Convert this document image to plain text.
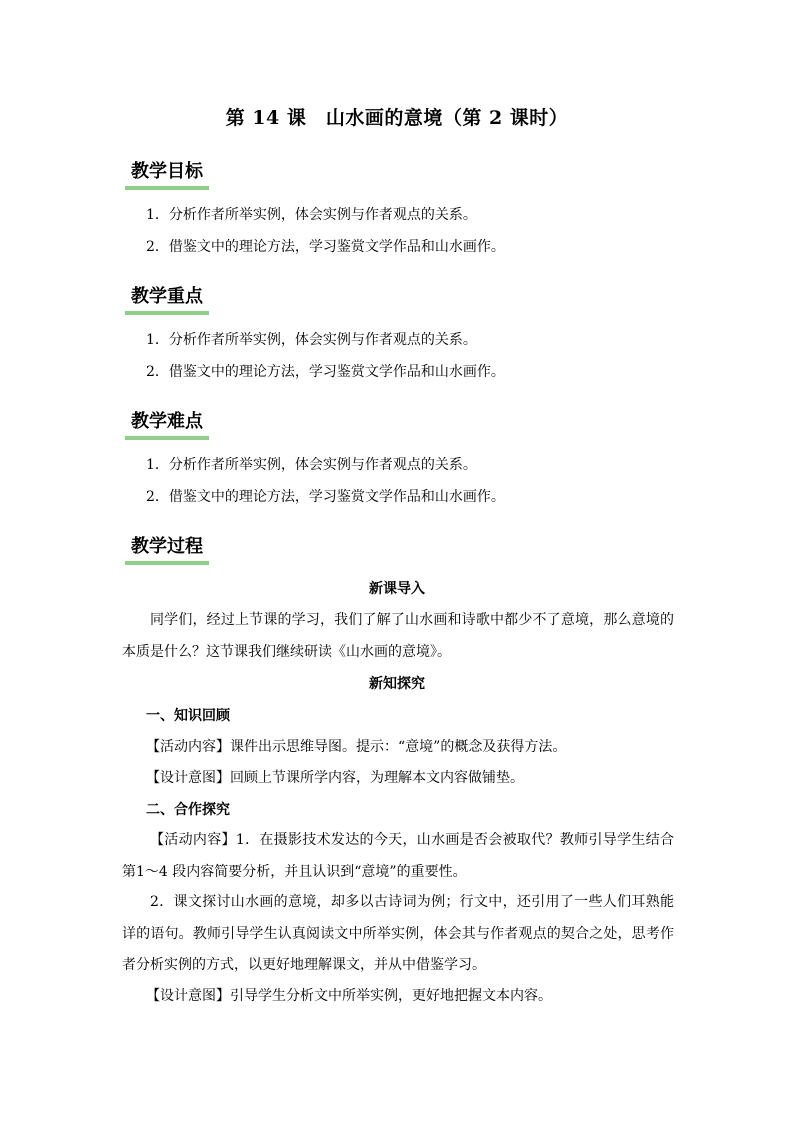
第 14 课　山水画的意境（第 2 课时）
教学目标
1．分析作者所举实例，体会实例与作者观点的关系。
2．借鉴文中的理论方法，学习鉴赏文学作品和山水画作。
教学重点
1．分析作者所举实例，体会实例与作者观点的关系。
2．借鉴文中的理论方法，学习鉴赏文学作品和山水画作。
教学难点
1．分析作者所举实例，体会实例与作者观点的关系。
2．借鉴文中的理论方法，学习鉴赏文学作品和山水画作。
教学过程
新课导入
同学们，经过上节课的学习，我们了解了山水画和诗歌中都少不了意境，那么意境的本质是什么？这节课我们继续研读《山水画的意境》。
新知探究
一、知识回顾
【活动内容】课件出示思维导图。提示：“意境”的概念及获得方法。
【设计意图】回顾上节课所学内容，为理解本文内容做铺垫。
二、合作探究
【活动内容】1．在摄影技术发达的今天，山水画是否会被取代？教师引导学生结合第1～4 段内容简要分析，并且认识到“意境”的重要性。
2．课文探讨山水画的意境，却多以古诗词为例；行文中，还引用了一些人们耳熟能详的语句。教师引导学生认真阅读文中所举实例，体会其与作者观点的契合之处，思考作者分析实例的方式，以更好地理解课文，并从中借鉴学习。
【设计意图】引导学生分析文中所举实例，更好地把握文本内容。
